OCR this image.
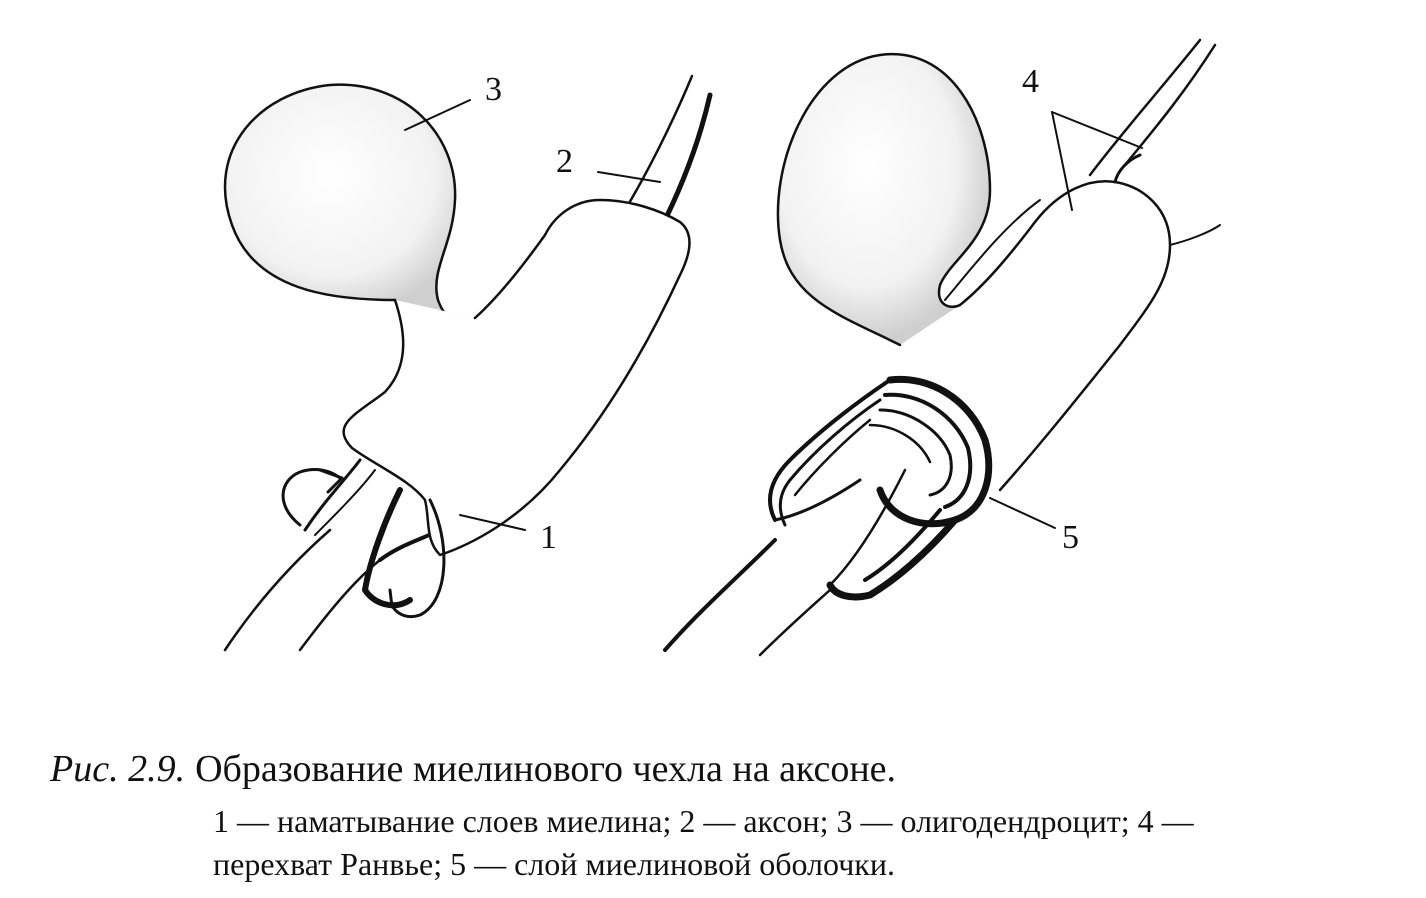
3
2
1
4
5
Рис. 2.9. Образование миелинового чехла на аксоне.
1 — наматывание слоев миелина; 2 — аксон; 3 — олигодендроцит; 4 —
перехват Ранвье; 5 — слой миелиновой оболочки.
